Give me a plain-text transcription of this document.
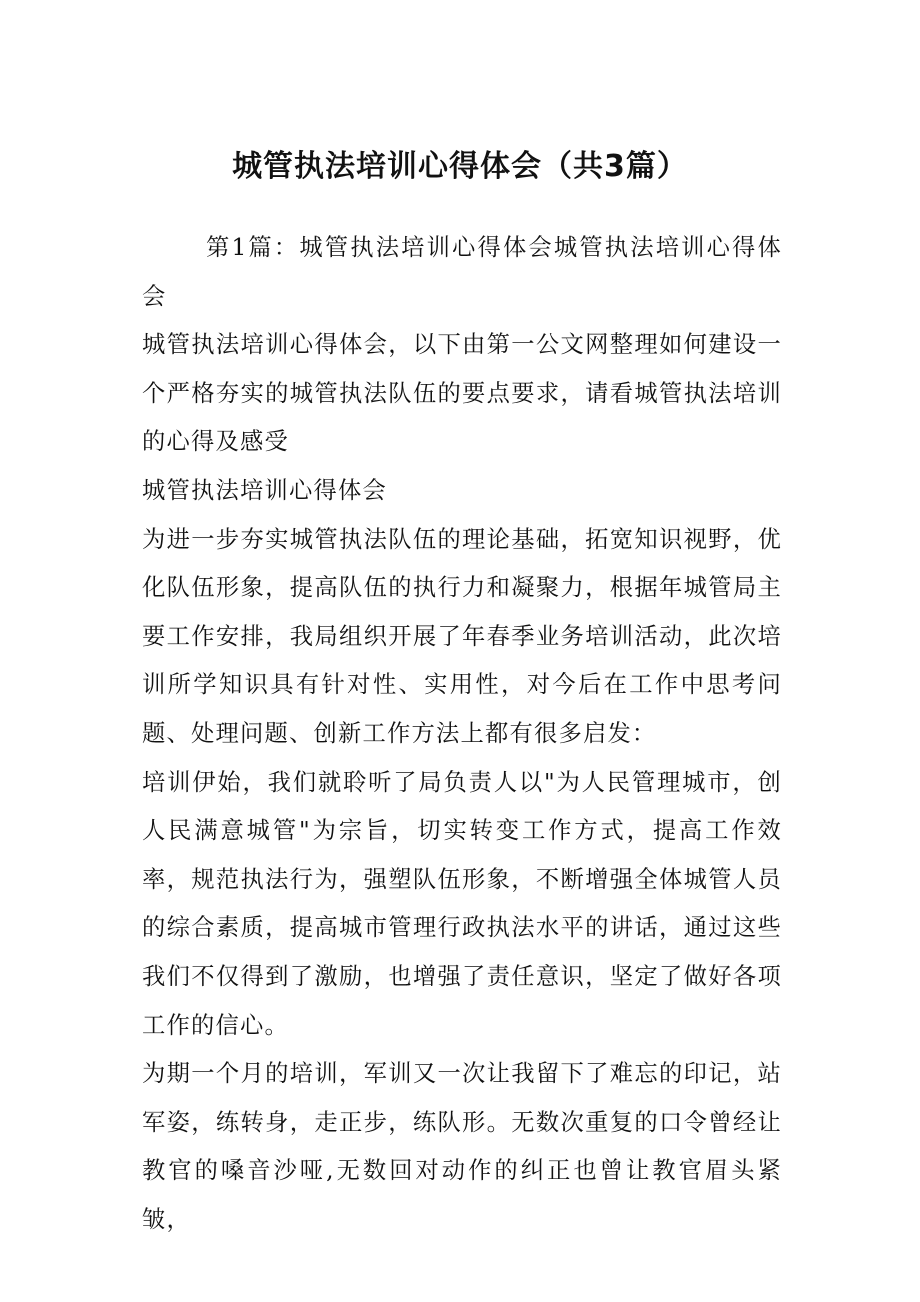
城管执法培训心得体会（共3篇）

第1篇：城管执法培训心得体会城管执法培训心得体会

城管执法培训心得体会，以下由第一公文网整理如何建设一个严格夯实的城管执法队伍的要点要求，请看城管执法培训的心得及感受

城管执法培训心得体会

为进一步夯实城管执法队伍的理论基础，拓宽知识视野，优化队伍形象，提高队伍的执行力和凝聚力，根据年城管局主要工作安排，我局组织开展了年春季业务培训活动，此次培训所学知识具有针对性、实用性，对今后在工作中思考问题、处理问题、创新工作方法上都有很多启发：

培训伊始，我们就聆听了局负责人以"为人民管理城市，创人民满意城管"为宗旨，切实转变工作方式，提高工作效率，规范执法行为，强塑队伍形象，不断增强全体城管人员的综合素质，提高城市管理行政执法水平的讲话，通过这些我们不仅得到了激励，也增强了责任意识，坚定了做好各项工作的信心。

为期一个月的培训，军训又一次让我留下了难忘的印记，站军姿，练转身，走正步，练队形。无数次重复的口令曾经让教官的嗓音沙哑,无数回对动作的纠正也曾让教官眉头紧皱，
